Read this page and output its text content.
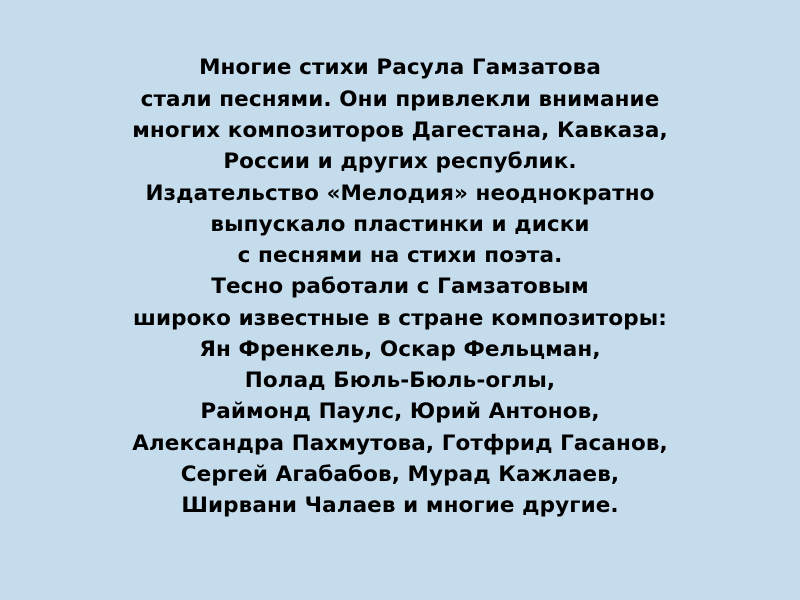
Многие стихи Расула Гамзатова
стали песнями. Они привлекли внимание
многих композиторов Дагестана, Кавказа,
России и других республик.
Издательство «Мелодия» неоднократно
выпускало пластинки и диски
с песнями на стихи поэта.
Тесно работали с Гамзатовым
широко известные в стране композиторы:
Ян Френкель, Оскар Фельцман,
Полад Бюль-Бюль-оглы,
Раймонд Паулс, Юрий Антонов,
Александра Пахмутова, Готфрид Гасанов,
Сергей Агабабов, Мурад Кажлаев,
Ширвани Чалаев и многие другие.
